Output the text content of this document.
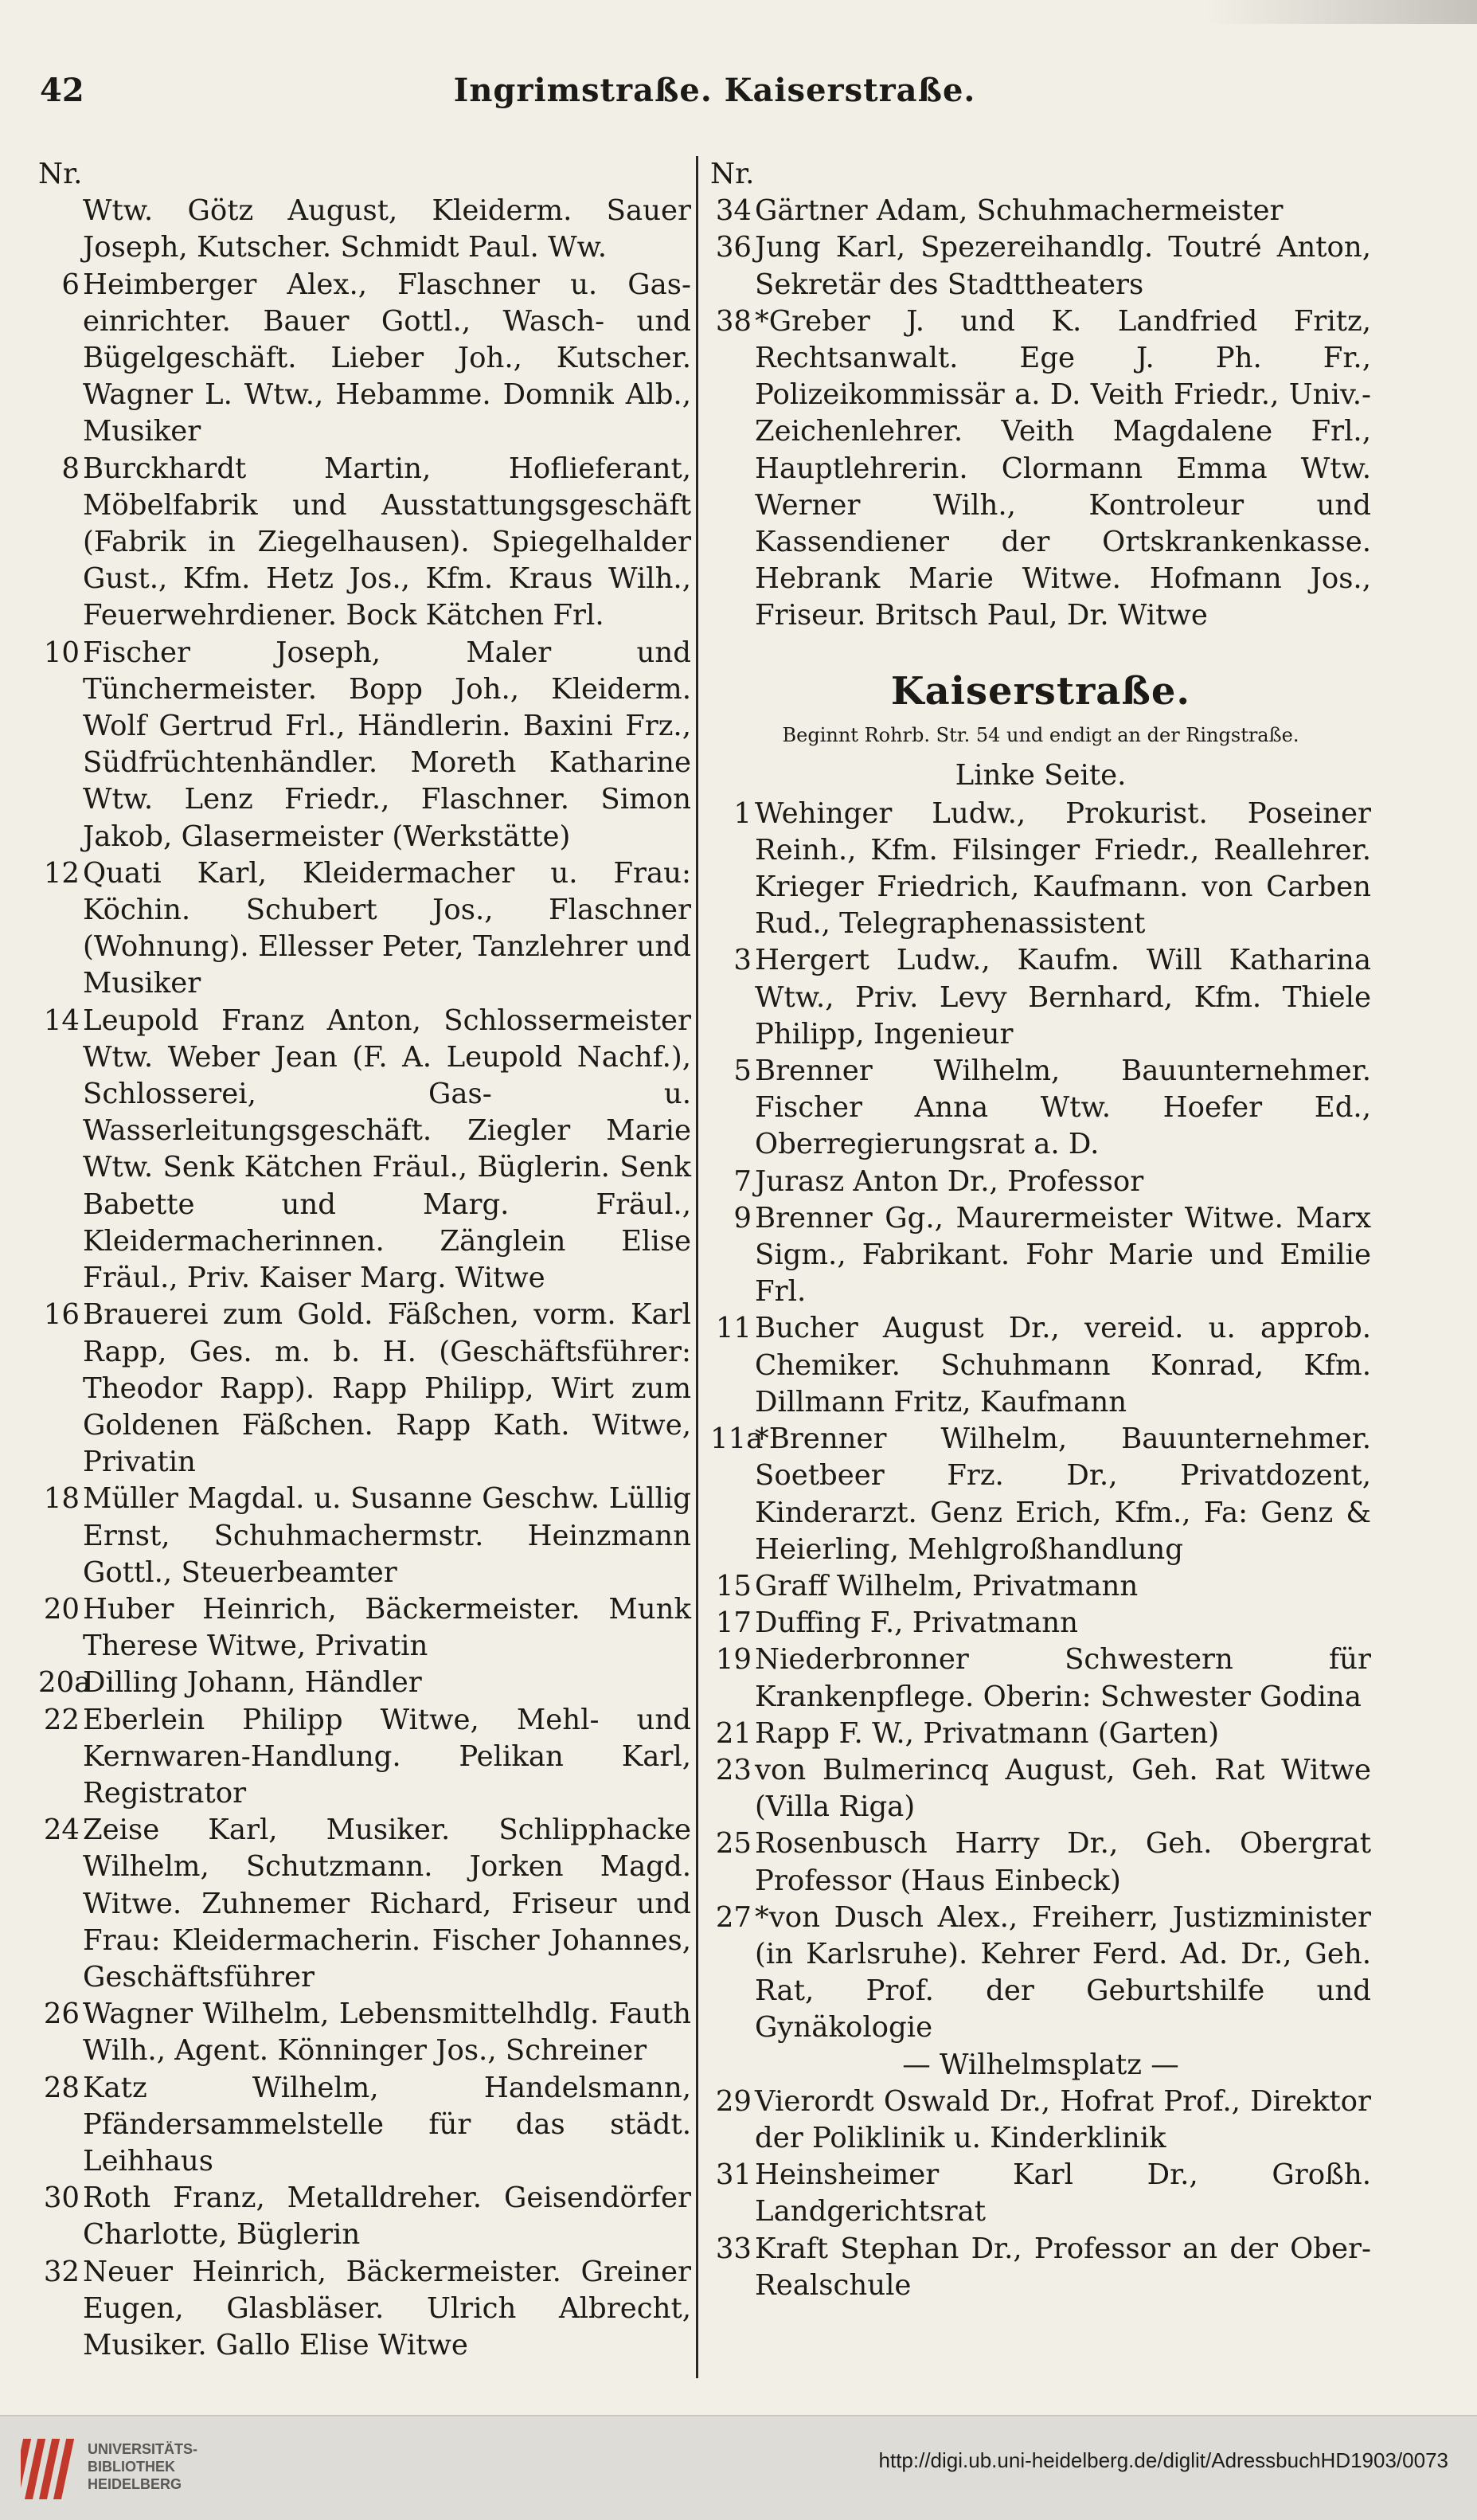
42	Ingrimstraße. Kaiserstraße.
Nr.
Wtw. Götz August, Kleiderm. Sauer Joseph, Kutscher. Schmidt Paul. Ww.
6 Heimberger Alex., Flaschner u. Gas-einrichter. Bauer Gottl., Wasch- und Bügelgeschäft. Lieber Joh., Kutscher. Wagner L. Wtw., Hebamme. Domnik Alb., Musiker
8 Burckhardt Martin, Hoflieferant, Möbelfabrik und Ausstattungsgeschäft (Fabrik in Ziegelhausen). Spiegelhalder Gust., Kfm. Hetz Jos., Kfm. Kraus Wilh., Feuerwehrdiener. Bock Kätchen Frl.
10 Fischer Joseph, Maler und Tünchermeister. Bopp Joh., Kleiderm. Wolf Gertrud Frl., Händlerin. Baxini Frz., Südfrüchtenhändler. Moreth Katharine Wtw. Lenz Friedr., Flaschner. Simon Jakob, Glasermeister (Werkstätte)
12 Quati Karl, Kleidermacher u. Frau: Köchin. Schubert Jos., Flaschner (Wohnung). Ellesser Peter, Tanzlehrer und Musiker
14 Leupold Franz Anton, Schlossermeister Wtw. Weber Jean (F. A. Leupold Nachf.), Schlosserei, Gas- u. Wasserleitungsgeschäft. Ziegler Marie Wtw. Senk Kätchen Fräul., Büglerin. Senk Babette und Marg. Fräul., Kleidermacherinnen. Zänglein Elise Fräul., Priv. Kaiser Marg. Witwe
16 Brauerei zum Gold. Fäßchen, vorm. Karl Rapp, Ges. m. b. H. (Geschäftsführer: Theodor Rapp). Rapp Philipp, Wirt zum Goldenen Fäßchen. Rapp Kath. Witwe, Privatin
18 Müller Magdal. u. Susanne Geschw. Lüllig Ernst, Schuhmachermstr. Heinzmann Gottl., Steuerbeamter
20 Huber Heinrich, Bäckermeister. Munk Therese Witwe, Privatin
20a
Dilling Johann, Händler
22 Eberlein Philipp Witwe, Mehl- und Kernwaren-Handlung. Pelikan Karl, Registrator
24 Zeise Karl, Musiker. Schlipphacke Wilhelm, Schutzmann. Jorken Magd. Witwe. Zuhnemer Richard, Friseur und Frau: Kleidermacherin. Fischer Johannes, Geschäftsführer
26 Wagner Wilhelm, Lebensmittelhdlg. Fauth Wilh., Agent. Könninger Jos., Schreiner
28 Katz Wilhelm, Handelsmann, Pfändersammelstelle für das städt. Leihhaus
30 Roth Franz, Metalldreher. Geisendörfer Charlotte, Büglerin
32 Neuer Heinrich, Bäckermeister. Greiner Eugen, Glasbläser. Ulrich Albrecht, Musiker. Gallo Elise Witwe
Nr.
34 Gärtner Adam, Schuhmachermeister
36 Jung Karl, Spezereihandlg. Toutré Anton, Sekretär des Stadttheaters
38 *Greber J. und K. Landfried Fritz, Rechtsanwalt. Ege J. Ph. Fr., Polizeikommissär a. D. Veith Friedr., Univ.-Zeichenlehrer. Veith Magdalene Frl., Hauptlehrerin. Clormann Emma Wtw. Werner Wilh., Kontroleur und Kassendiener der Ortskrankenkasse. Hebrank Marie Witwe. Hofmann Jos., Friseur. Britsch Paul, Dr. Witwe
Kaiserstraße.
Beginnt Rohrb. Str. 54 und endigt an der Ringstraße.
Linke Seite.
1 Wehinger Ludw., Prokurist. Poseiner Reinh., Kfm. Filsinger Friedr., Reallehrer. Krieger Friedrich, Kaufmann. von Carben Rud., Telegraphenassistent
3 Hergert Ludw., Kaufm. Will Katharina Wtw., Priv. Levy Bernhard, Kfm. Thiele Philipp, Ingenieur
5 Brenner Wilhelm, Bauunternehmer. Fischer Anna Wtw. Hoefer Ed., Oberregierungsrat a. D.
7 Jurasz Anton Dr., Professor
9 Brenner Gg., Maurermeister Witwe. Marx Sigm., Fabrikant. Fohr Marie und Emilie Frl.
11 Bucher August Dr., vereid. u. approb. Chemiker. Schuhmann Konrad, Kfm. Dillmann Fritz, Kaufmann
11a
*Brenner Wilhelm, Bauunternehmer. Soetbeer Frz. Dr., Privatdozent, Kinderarzt. Genz Erich, Kfm., Fa: Genz & Heierling, Mehlgroßhandlung
15 Graff Wilhelm, Privatmann
17 Duffing F., Privatmann
19 Niederbronner Schwestern für Krankenpflege. Oberin: Schwester Godina
21 Rapp F. W., Privatmann (Garten)
23 von Bulmerincq August, Geh. Rat Witwe (Villa Riga)
25 Rosenbusch Harry Dr., Geh. Obergrat Professor (Haus Einbeck)
27 *von Dusch Alex., Freiherr, Justizminister (in Karlsruhe). Kehrer Ferd. Ad. Dr., Geh. Rat, Prof. der Geburtshilfe und Gynäkologie
— Wilhelmsplatz —
29 Vierordt Oswald Dr., Hofrat Prof., Direktor der Poliklinik u. Kinderklinik
31 Heinsheimer Karl Dr., Großh. Landgerichtsrat
33 Kraft Stephan Dr., Professor an der Ober-Realschule
UNIVERSITÄTS-
BIBLIOTHEK
HEIDELBERG
http://digi.ub.uni-heidelberg.de/diglit/AdressbuchHD1903/0073
